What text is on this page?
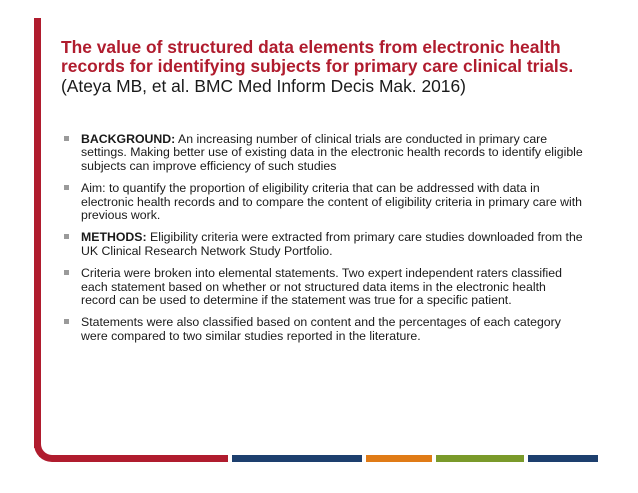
The value of structured data elements from electronic health records for identifying subjects for primary care clinical trials.

(Ateya MB, et al. BMC Med Inform Decis Mak. 2016)

BACKGROUND: An increasing number of clinical trials are conducted in primary care settings. Making better use of existing data in the electronic health records to identify eligible subjects can improve efficiency of such studies
Aim: to quantify the proportion of eligibility criteria that can be addressed with data in electronic health records and to compare the content of eligibility criteria in primary care with previous work.
METHODS: Eligibility criteria were extracted from primary care studies downloaded from the UK Clinical Research Network Study Portfolio.
Criteria were broken into elemental statements. Two expert independent raters classified each statement based on whether or not structured data items in the electronic health record can be used to determine if the statement was true for a specific patient.
Statements were also classified based on content and the percentages of each category were compared to two similar studies reported in the literature.
